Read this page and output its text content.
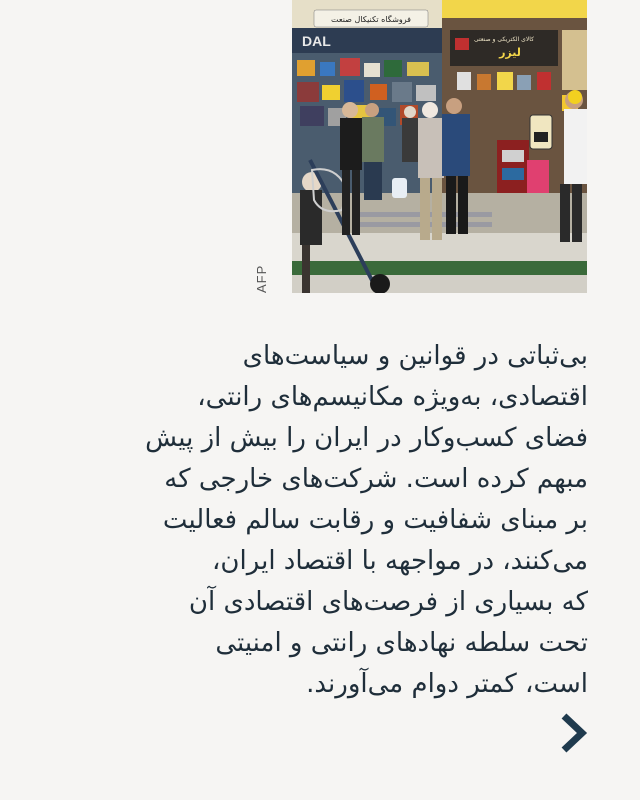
DAL
فروشگاه تکنیکال صنعت
کالای الکتریکی و صنعتی
لیزر
AFP
بی‌ثباتی در قوانین و سیاست‌های
اقتصادی، به‌ویژه مکانیسم‌های رانتی،
فضای کسب‌وکار در ایران را بیش از پیش
مبهم کرده است. شرکت‌های خارجی که
بر مبنای شفافیت و رقابت سالم فعالیت
می‌کنند، در مواجهه با اقتصاد ایران،
که بسیاری از فرصت‌های اقتصادی آن
تحت سلطه نهادهای رانتی و امنیتی
است، کمتر دوام می‌آورند.
